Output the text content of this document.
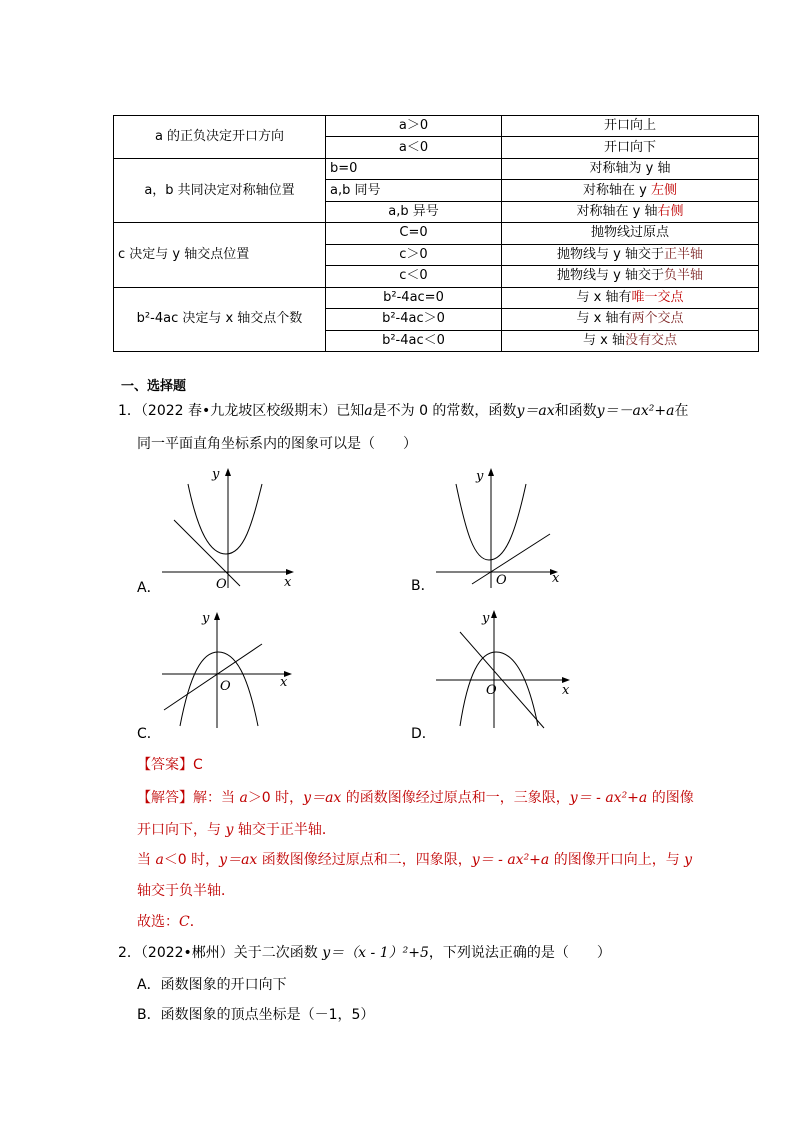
a 的正负决定开口方向	a＞0	开口向上
	a＜0	开口向下
a，b 共同决定对称轴位置	b=0	对称轴为 y 轴
	a,b 同号	对称轴在 y 左侧
	a,b 异号	对称轴在 y 轴右侧
c 决定与 y 轴交点位置	C=0	抛物线过原点
	c＞0	抛物线与 y 轴交于正半轴
	c＜0	抛物线与 y 轴交于负半轴
b²-4ac 决定与 x 轴交点个数	b²-4ac=0	与 x 轴有唯一交点
	b²-4ac＞0	与 x 轴有两个交点
	b²-4ac＜0	与 x 轴没有交点
一、选择题
1．（2022 春•九龙坡区校级期末）已知a是不为 0 的常数，函数y＝ax和函数y＝－ax²+a在
同一平面直角坐标系内的图象可以是（　　）
y
x
O
A．
y
x
O
B．
y
x
O
C．
y
x
O
D．
【答案】C
【解答】解：当 a＞0 时，y＝ax 的函数图像经过原点和一，三象限，y＝ - ax²+a 的图像
开口向下，与 y 轴交于正半轴．
当 a＜0 时，y＝ax 函数图像经过原点和二，四象限，y＝ - ax²+a 的图像开口向上，与 y
轴交于负半轴．
故选：C．
2．（2022•郴州）关于二次函数 y＝（x - 1）²+5，下列说法正确的是（　　）
A．函数图象的开口向下
B．函数图象的顶点坐标是（－1，5）
